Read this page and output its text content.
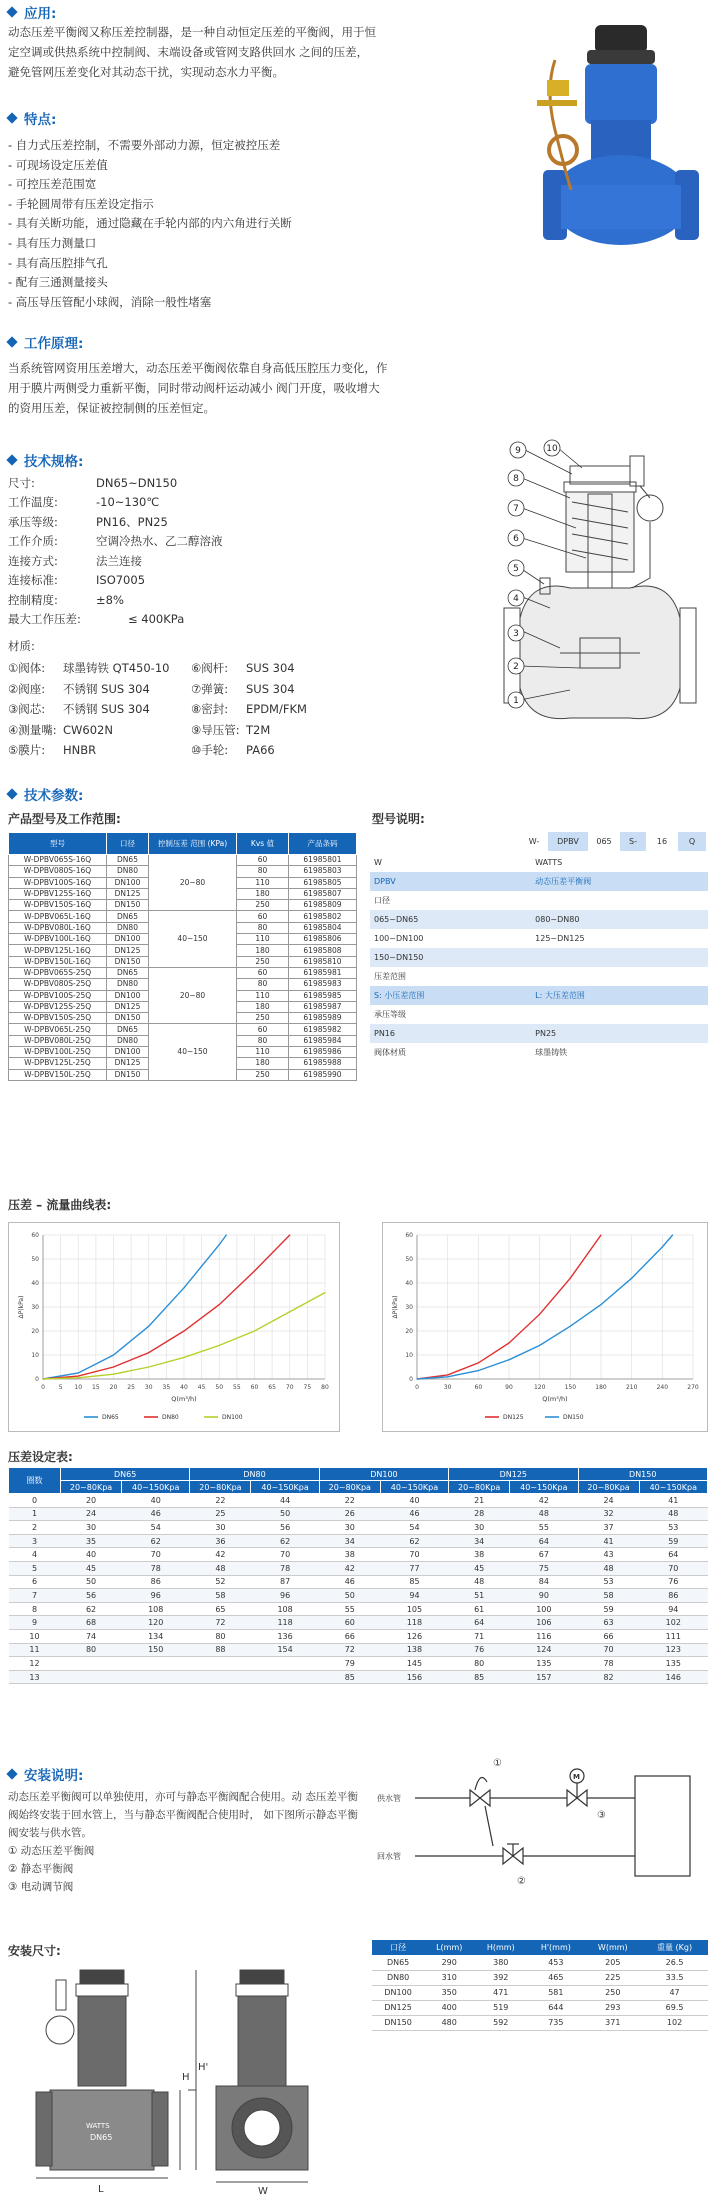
应用:

动态压差平衡阀又称压差控制器，是一种自动恒定压差的平衡阀，用于恒定空调或供热系统中控制阀、末端设备或管网支路供回水 之间的压差，避免管网压差变化对其动态干扰，实现动态水力平衡。

特点:
- 自力式压差控制，不需要外部动力源，恒定被控压差
- 可现场设定压差值
- 可控压差范围宽
- 手轮圆周带有压差设定指示
- 具有关断功能，通过隐藏在手轮内部的内六角进行关断
- 具有压力测量口
- 具有高压腔排气孔
- 配有三通测量接头
- 高压导压管配小球阀，消除一般性堵塞
工作原理:

当系统管网资用压差增大，动态压差平衡阀依靠自身高低压腔压力变化，作用于膜片两侧受力重新平衡，同时带动阀杆运动减小 阀门开度，吸收增大的资用压差，保证被控制侧的压差恒定。

技术规格:
尺寸:	DN65~DN150
工作温度:	-10~130℃
承压等级:	PN16、PN25
工作介质:	空调冷热水、乙二醇溶液
连接方式:	法兰连接
连接标准:	ISO7005
控制精度:	±8%
最大工作压差:	≤ 400KPa
材质:
①阀体:	球墨铸铁 QT450-10	⑥阀杆:	SUS 304
②阀座:	不锈钢 SUS 304	⑦弹簧:	SUS 304
③阀芯:	不锈钢 SUS 304	⑧密封:	EPDM/FKM
④测量嘴: CW602N	⑨导压管: T2M
⑤膜片:	HNBR	⑩手轮:	PA66
9	10
8
7
6
5
4
3
2
1
技术参数:
产品型号及工作范围:
型号	口径	控制压差 范围 (KPa)	Kvs 值	产品条码
W-DPBV065S-16Q	DN65	20~80	60	61985801
W-DPBV080S-16Q	DN80		80	61985803
W-DPBV100S-16Q	DN100		110	61985805
W-DPBV125S-16Q	DN125		180	61985807
W-DPBV150S-16Q	DN150		250	61985809
W-DPBV065L-16Q	DN65	40~150	60	61985802
W-DPBV080L-16Q	DN80		80	61985804
W-DPBV100L-16Q	DN100		110	61985806
W-DPBV125L-16Q	DN125		180	61985808
W-DPBV150L-16Q	DN150		250	61985810
W-DPBV065S-25Q	DN65	20~80	60	61985981
W-DPBV080S-25Q	DN80		80	61985983
W-DPBV100S-25Q	DN100		110	61985985
W-DPBV125S-25Q	DN125		180	61985987
W-DPBV150S-25Q	DN150		250	61985989
W-DPBV065L-25Q	DN65	40~150	60	61985982
W-DPBV080L-25Q	DN80		80	61985984
W-DPBV100L-25Q	DN100		110	61985986
W-DPBV125L-25Q	DN125		180	61985988
W-DPBV150L-25Q	DN150		250	61985990
型号说明:
W-	DPBV	065	S-	16	Q
W	WATTS
DPBV	动态压差平衡阀
口径	
065~DN65	080~DN80
100~DN100	125~DN125
150~DN150	
压差范围	
S: 小压差范围	L: 大压差范围
承压等级	
PN16	PN25
阀体材质	球墨铸铁
压差 – 流量曲线表:
0 5 10 15 20 25 30 35 40 45 50 55 60 65 70 75 80
0
10
20
30
40
50
60
Q(m³/h)
ΔP(kPa)
DN65	DN80	DN100
0	30	60	90	120	150	180	210	240	270
0
10
20
30
40
50
60
Q(m³/h)
ΔP(kPa)
DN125	DN150
压差设定表:
圈数	DN65		DN80		DN100		DN125		DN150	
	20~80Kpa	40~150Kpa	20~80Kpa	40~150Kpa	20~80Kpa	40~150Kpa	20~80Kpa	40~150Kpa	20~80Kpa	40~150Kpa
0	20	40	22	44	22	40	21	42	24	41
1	24	46	25	50	26	46	28	48	32	48
2	30	54	30	56	30	54	30	55	37	53
3	35	62	36	62	34	62	34	64	41	59
4	40	70	42	70	38	70	38	67	43	64
5	45	78	48	78	42	77	45	75	48	70
6	50	86	52	87	46	85	48	84	53	76
7	56	96	58	96	50	94	51	90	58	86
8	62	108	65	108	55	105	61	100	59	94
9	68	120	72	118	60	118	64	106	63	102
10	74	134	80	136	66	126	71	116	66	111
11	80	150	88	154	72	138	76	124	70	123
12					79	145	80	135	78	135
13					85	156	85	157	82	146
安装说明:
动态压差平衡阀可以单独使用，亦可与静态平衡阀配合使用。动 态压差平衡阀始终安装于回水管上，当与静态平衡阀配合使用时， 如下图所示静态平衡阀安装与供水管。
① 动态压差平衡阀
② 静态平衡阀
③ 电动调节阀
供水管
回水管
①
②
③
M
安装尺寸:	口径	L(mm)	H(mm)	H'(mm)	W(mm)	重量 (Kg)
DN65	290	380	453	205	26.5
DN80	310	392	465	225	33.5
DN100	350	471	581	250	47
DN125	400	519	644	293	69.5
DN150	480	592	735	371	102
H
H'
L	W
DN65
WATTS
